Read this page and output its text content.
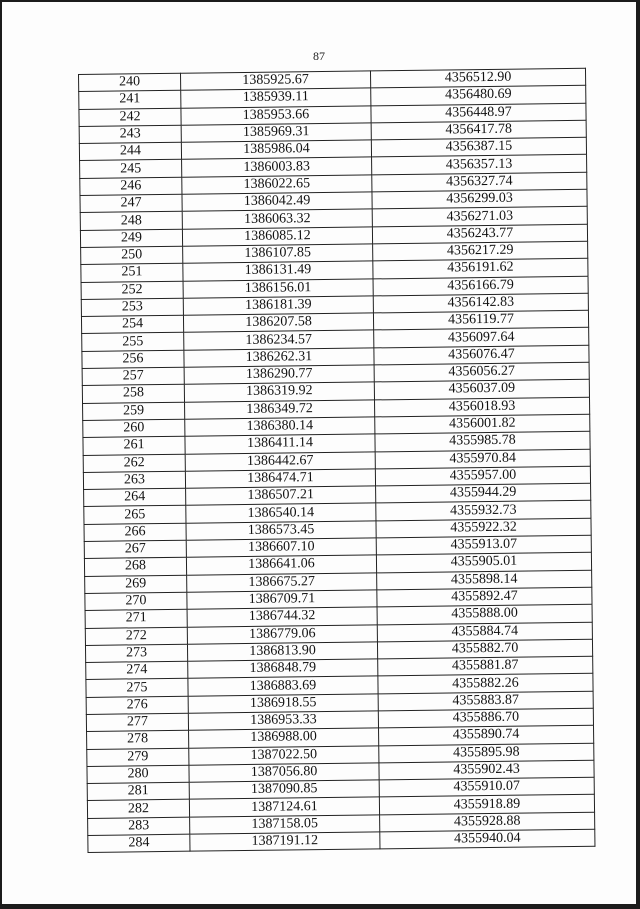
87
240	1385925.67	4356512.90
241	1385939.11	4356480.69
242	1385953.66	4356448.97
243	1385969.31	4356417.78
244	1385986.04	4356387.15
245	1386003.83	4356357.13
246	1386022.65	4356327.74
247	1386042.49	4356299.03
248	1386063.32	4356271.03
249	1386085.12	4356243.77
250	1386107.85	4356217.29
251	1386131.49	4356191.62
252	1386156.01	4356166.79
253	1386181.39	4356142.83
254	1386207.58	4356119.77
255	1386234.57	4356097.64
256	1386262.31	4356076.47
257	1386290.77	4356056.27
258	1386319.92	4356037.09
259	1386349.72	4356018.93
260	1386380.14	4356001.82
261	1386411.14	4355985.78
262	1386442.67	4355970.84
263	1386474.71	4355957.00
264	1386507.21	4355944.29
265	1386540.14	4355932.73
266	1386573.45	4355922.32
267	1386607.10	4355913.07
268	1386641.06	4355905.01
269	1386675.27	4355898.14
270	1386709.71	4355892.47
271	1386744.32	4355888.00
272	1386779.06	4355884.74
273	1386813.90	4355882.70
274	1386848.79	4355881.87
275	1386883.69	4355882.26
276	1386918.55	4355883.87
277	1386953.33	4355886.70
278	1386988.00	4355890.74
279	1387022.50	4355895.98
280	1387056.80	4355902.43
281	1387090.85	4355910.07
282	1387124.61	4355918.89
283	1387158.05	4355928.88
284	1387191.12	4355940.04
